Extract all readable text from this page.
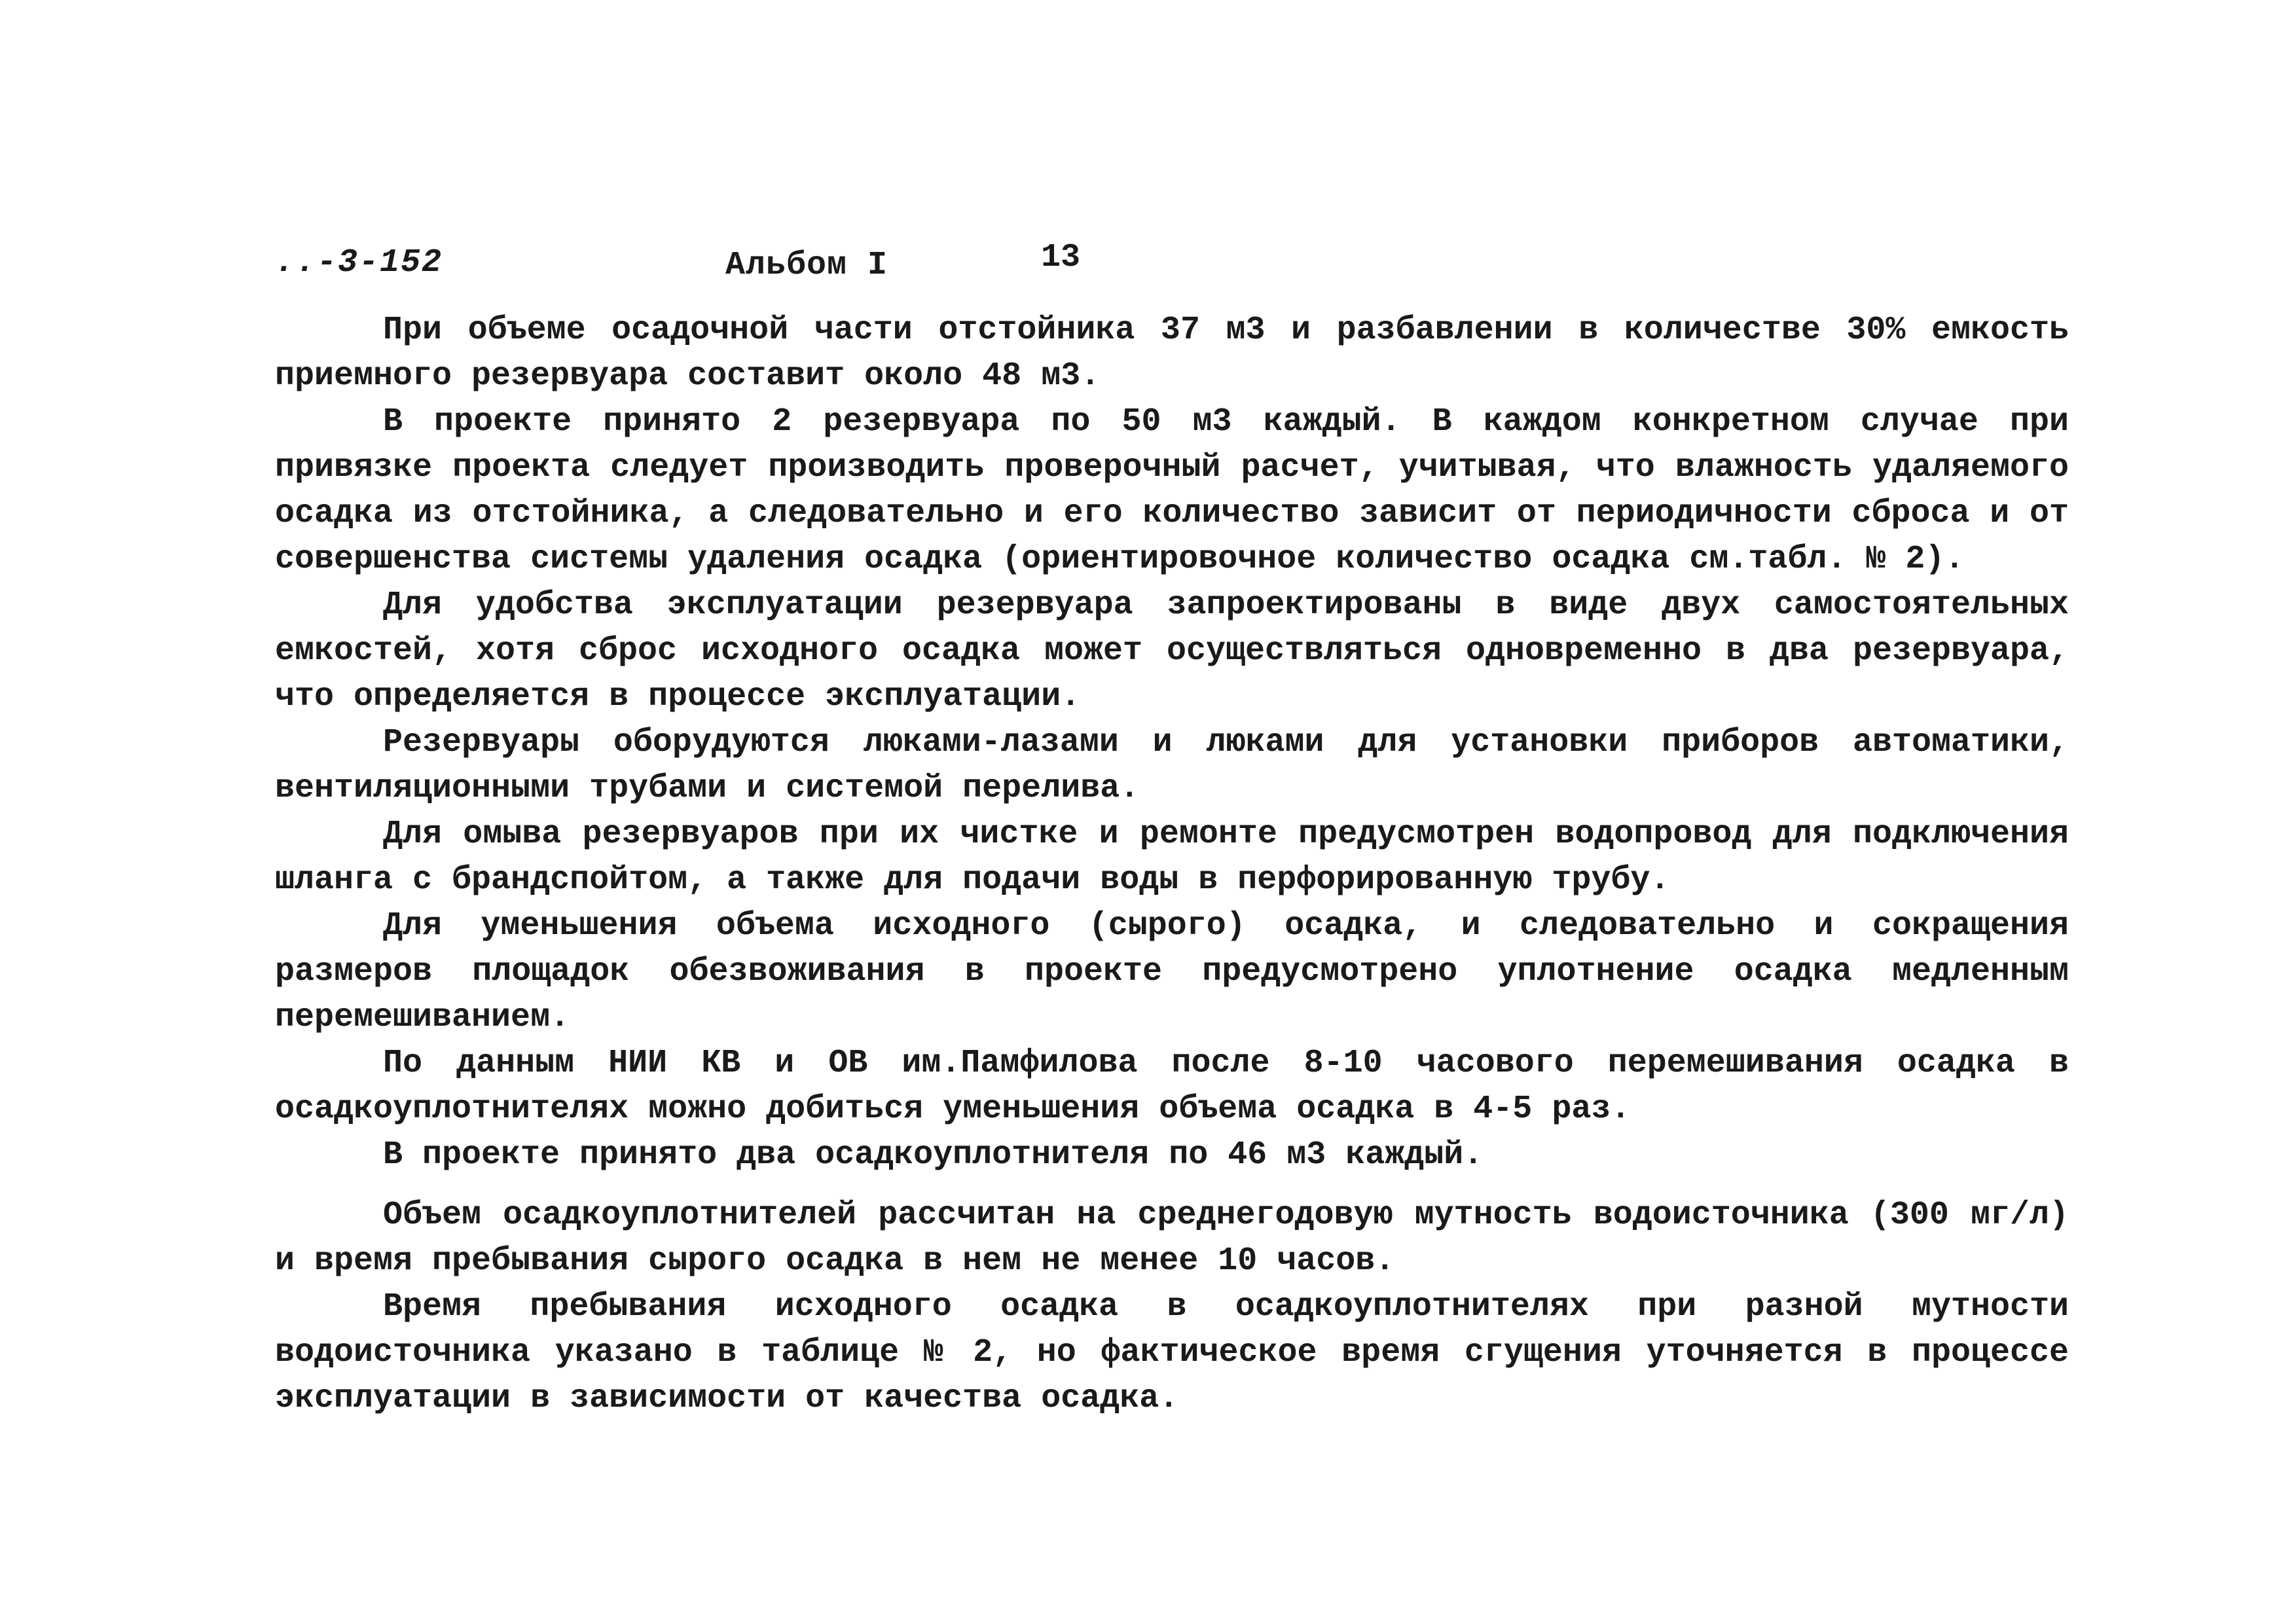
..-3-152	Альбом I	13

При объеме осадочной части отстойника 37 м3 и разбавлении в количестве 30% емкость приемного резервуара составит около 48 м3.

В проекте принято 2 резервуара по 50 м3 каждый. В каждом конкретном случае при привязке проекта следует производить проверочный расчет, учитывая, что влажность удаляемого осадка из отстойника, а следовательно и его количество зависит от периодичности сброса и от совершенства системы удаления осадка (ориентировочное количество осадка см.табл. № 2).

Для удобства эксплуатации резервуара запроектированы в виде двух самостоятельных емкостей, хотя сброс исходного осадка может осуществляться одновременно в два резервуара, что определяется в процессе эксплуатации.

Резервуары оборудуются люками-лазами и люками для установки приборов автоматики, вентиляционными трубами и системой перелива.

Для омыва резервуаров при их чистке и ремонте предусмотрен водопровод для подключения шланга с брандспойтом, а также для подачи воды в перфорированную трубу.

Для уменьшения объема исходного (сырого) осадка, и следовательно и сокращения размеров площадок обезвоживания в проекте предусмотрено уплотнение осадка медленным перемешиванием.

По данным НИИ КВ и ОВ им.Памфилова после 8-10 часового перемешивания осадка в осадкоуплотнителях можно добиться уменьшения объема осадка в 4-5 раз.

В проекте принято два осадкоуплотнителя по 46 м3 каждый.

Объем осадкоуплотнителей рассчитан на среднегодовую мутность водоисточника (300 мг/л) и время пребывания сырого осадка в нем не менее 10 часов.

Время пребывания исходного осадка в осадкоуплотнителях при разной мутности водоисточника указано в таблице № 2, но фактическое время сгущения уточняется в процессе эксплуатации в зависимости от качества осадка.
